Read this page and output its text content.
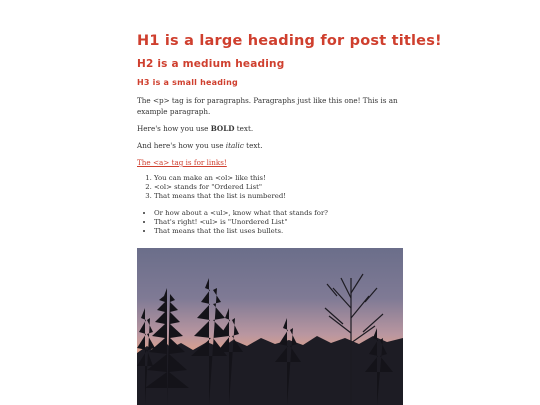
H1 is a large heading for post titles!
H2 is a medium heading
H3 is a small heading

The <p> tag is for paragraphs. Paragraphs just like this one! This is an example paragraph.

Here's how you use BOLD text.

And here's how you use italic text.

The <a> tag is for links!

1. You can make an <ol> like this!
2. <ol> stands for "Ordered List"
3. That means that the list is numbered!
• Or how about a <ul>, know what that stands for?
• That's right! <ul> is "Unordered List"
• That means that the list uses bullets.
